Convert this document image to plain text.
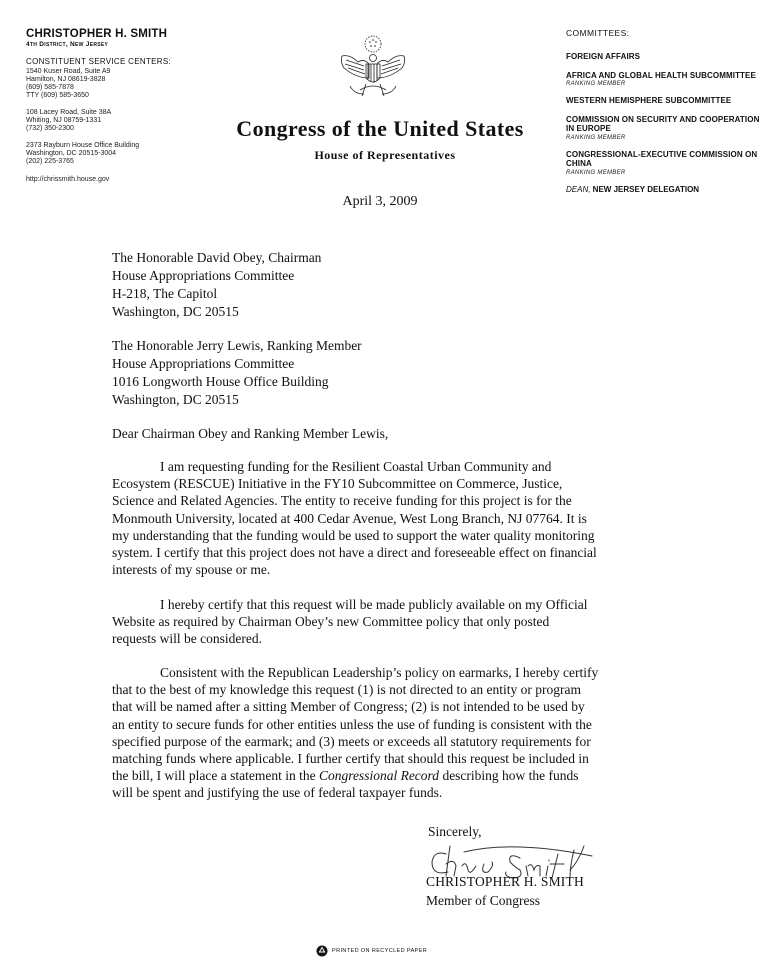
CHRISTOPHER H. SMITH
4th District, New Jersey
CONSTITUENT SERVICE CENTERS:
1540 Kuser Road, Suite A9
Hamilton, NJ 08619-3828
(609) 585-7878
TTY (609) 585-3650
108 Lacey Road, Suite 38A
Whiting, NJ 08759-1331
(732) 350-2300
2373 Rayburn House Office Building
Washington, DC 20515-3004
(202) 225-3765
http://chrissmith.house.gov
Congress of the United States
House of Representatives
April 3, 2009
COMMITTEES:
FOREIGN AFFAIRS
AFRICA AND GLOBAL HEALTH SUBCOMMITTEE
RANKING MEMBER
WESTERN HEMISPHERE SUBCOMMITTEE
COMMISSION ON SECURITY AND COOPERATION IN EUROPE
RANKING MEMBER
CONGRESSIONAL-EXECUTIVE COMMISSION ON CHINA
RANKING MEMBER
DEAN, NEW JERSEY DELEGATION
The Honorable David Obey, Chairman
House Appropriations Committee
H-218, The Capitol
Washington, DC 20515
The Honorable Jerry Lewis, Ranking Member
House Appropriations Committee
1016 Longworth House Office Building
Washington, DC 20515
Dear Chairman Obey and Ranking Member Lewis,
I am requesting funding for the Resilient Coastal Urban Community and
Ecosystem (RESCUE) Initiative in the FY10 Subcommittee on Commerce, Justice,
Science and Related Agencies. The entity to receive funding for this project is for the
Monmouth University, located at 400 Cedar Avenue, West Long Branch, NJ 07764. It is
my understanding that the funding would be used to support the water quality monitoring
system. I certify that this project does not have a direct and foreseeable effect on financial
interests of my spouse or me.
I hereby certify that this request will be made publicly available on my Official
Website as required by Chairman Obey’s new Committee policy that only posted
requests will be considered.
Consistent with the Republican Leadership’s policy on earmarks, I hereby certify
that to the best of my knowledge this request (1) is not directed to an entity or program
that will be named after a sitting Member of Congress; (2) is not intended to be used by
an entity to secure funds for other entities unless the use of funding is consistent with the
specified purpose of the earmark; and (3) meets or exceeds all statutory requirements for
matching funds where applicable. I further certify that should this request be included in
the bill, I will place a statement in the Congressional Record describing how the funds
will be spent and justifying the use of federal taxpayer funds.
Sincerely,
CHRISTOPHER H. SMITH
Member of Congress
PRINTED ON RECYCLED PAPER
